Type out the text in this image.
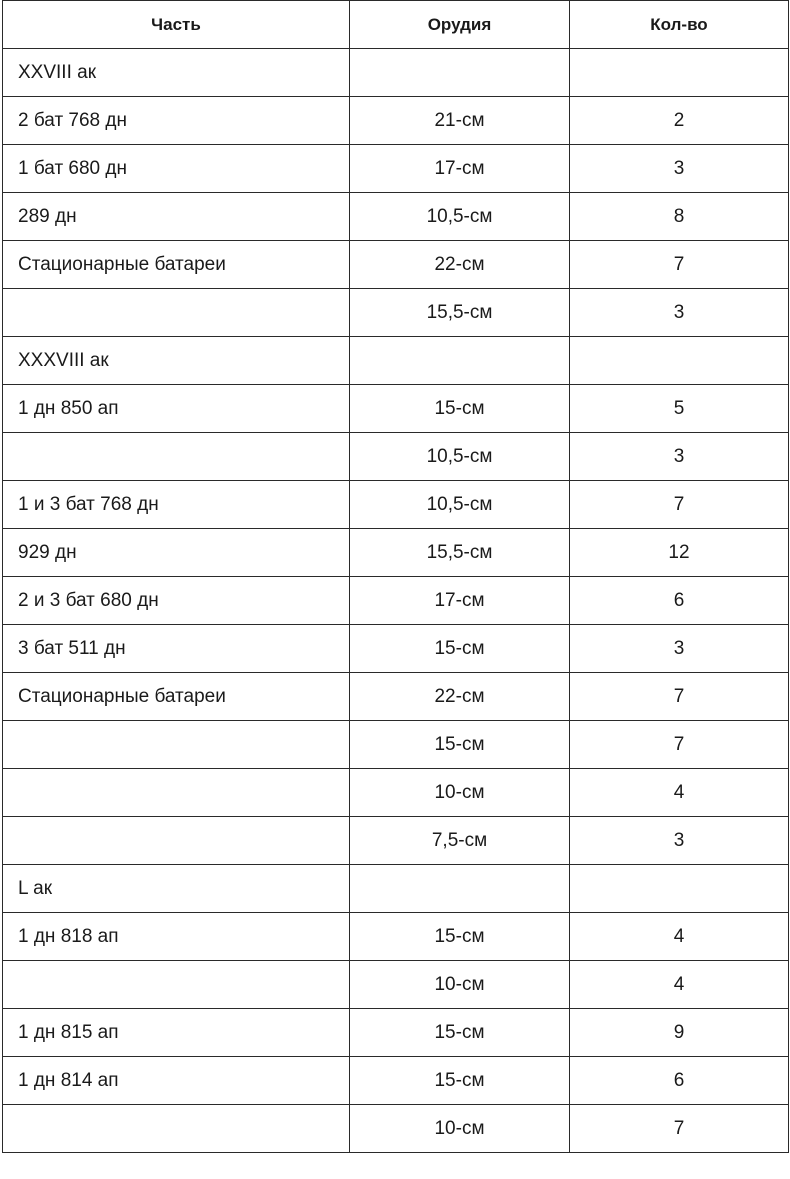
Часть	Орудия	Кол-во
XXVIII ак		
2 бат 768 дн	21-см	2
1 бат 680 дн	17-см	3
289 дн	10,5-см	8
Стационарные батареи	22-см	7
	15,5-см	3
XXXVIII ак		
1 дн 850 ап	15-см	5
	10,5-см	3
1 и 3 бат 768 дн	10,5-см	7
929 дн	15,5-см	12
2 и 3 бат 680 дн	17-см	6
3 бат 511 дн	15-см	3
Стационарные батареи	22-см	7
	15-см	7
	10-см	4
	7,5-см	3
L ак		
1 дн 818 ап	15-см	4
	10-см	4
1 дн 815 ап	15-см	9
1 дн 814 ап	15-см	6
	10-см	7
